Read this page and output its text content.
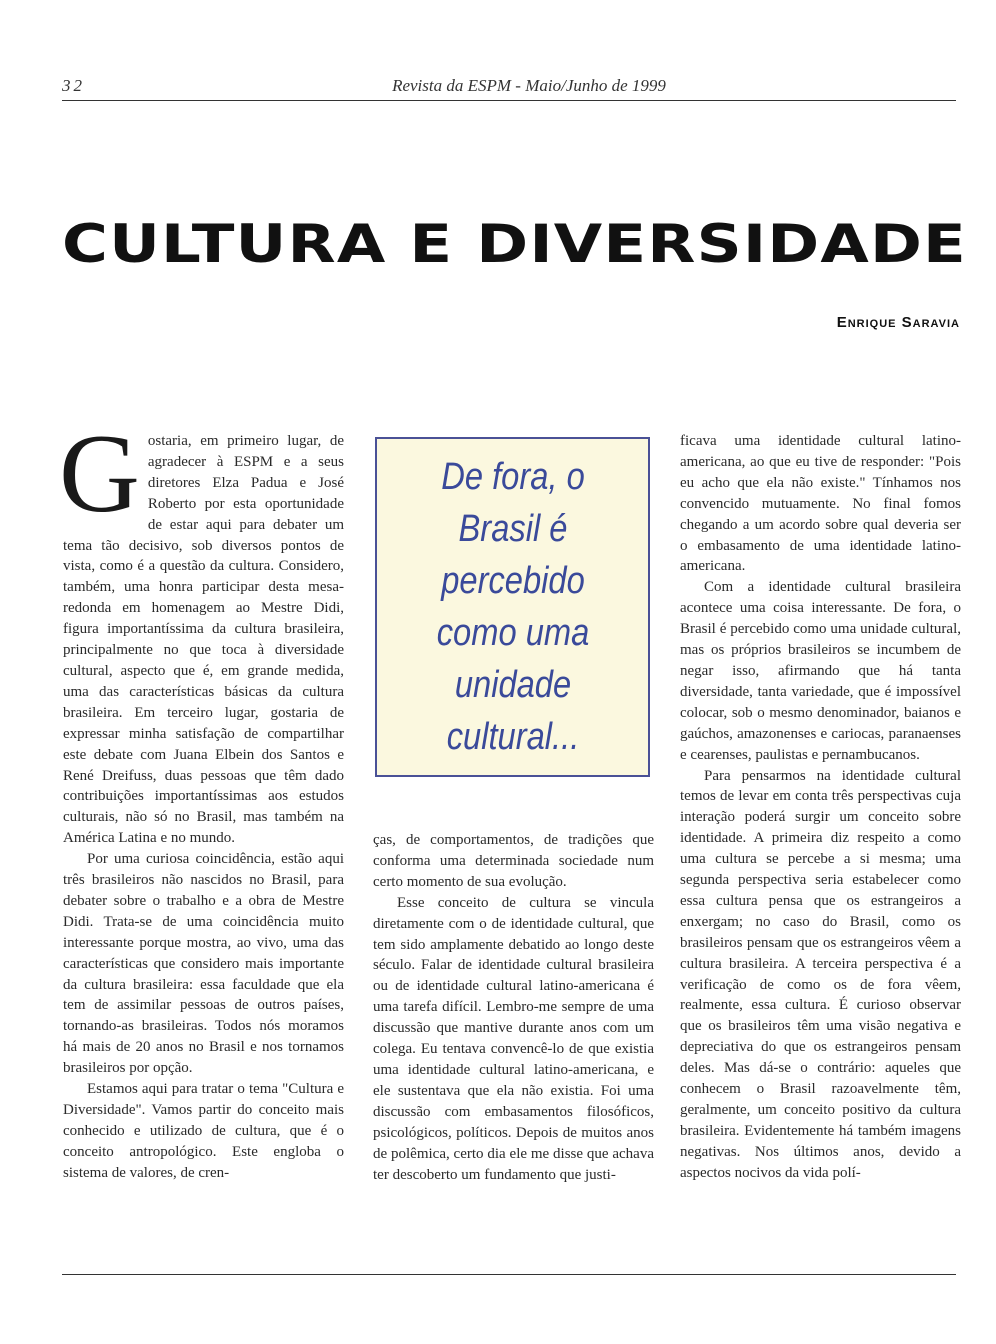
32	Revista da ESPM - Maio/Junho de 1999
CULTURA E DIVERSIDADE
Enrique Saravia

Gostaria, em primeiro lugar, de agradecer à ESPM e a seus diretores Elza Padua e José Roberto por esta oportunidade de estar aqui para debater um tema tão decisivo, sob diversos pontos de vista, como é a questão da cultura. Considero, também, uma honra participar desta mesa-redonda em homenagem ao Mestre Didi, figura importantíssima da cultura brasileira, principalmente no que toca à diversidade cultural, aspecto que é, em grande medida, uma das características básicas da cultura brasileira. Em terceiro lugar, gostaria de expressar minha satisfação de compartilhar este debate com Juana Elbein dos Santos e René Dreifuss, duas pessoas que têm dado contribuições importantíssimas aos estudos culturais, não só no Brasil, mas também na América Latina e no mundo.

Por uma curiosa coincidência, estão aqui três brasileiros não nascidos no Brasil, para debater sobre o trabalho e a obra de Mestre Didi. Trata-se de uma coincidência muito interessante porque mostra, ao vivo, uma das características que considero mais importante da cultura brasileira: essa faculdade que ela tem de assimilar pessoas de outros países, tornando-as brasileiras. Todos nós moramos há mais de 20 anos no Brasil e nos tornamos brasileiros por opção.

Estamos aqui para tratar o tema "Cultura e Diversidade". Vamos partir do conceito mais conhecido e utilizado de cultura, que é o conceito antropológico. Este engloba o sistema de valores, de cren-

De fora, o Brasil é percebido como uma unidade cultural...

ças, de comportamentos, de tradições que conforma uma determinada sociedade num certo momento de sua evolução.

Esse conceito de cultura se vincula diretamente com o de identidade cultural, que tem sido amplamente debatido ao longo deste século. Falar de identidade cultural brasileira ou de identidade cultural latino-americana é uma tarefa difícil. Lembro-me sempre de uma discussão que mantive durante anos com um colega. Eu tentava convencê-lo de que existia uma identidade cultural latino-americana, e ele sustentava que ela não existia. Foi uma discussão com embasamentos filosóficos, psicológicos, políticos. Depois de muitos anos de polêmica, certo dia ele me disse que achava ter descoberto um fundamento que justi-

ficava uma identidade cultural latino-americana, ao que eu tive de responder: "Pois eu acho que ela não existe." Tínhamos nos convencido mutuamente. No final fomos chegando a um acordo sobre qual deveria ser o embasamento de uma identidade latino-americana.

Com a identidade cultural brasileira acontece uma coisa interessante. De fora, o Brasil é percebido como uma unidade cultural, mas os próprios brasileiros se incumbem de negar isso, afirmando que há tanta diversidade, tanta variedade, que é impossível colocar, sob o mesmo denominador, baianos e gaúchos, amazonenses e cariocas, paranaenses e cearenses, paulistas e pernambucanos.

Para pensarmos na identidade cultural temos de levar em conta três perspectivas cuja interação poderá surgir um conceito sobre identidade. A primeira diz respeito a como uma cultura se percebe a si mesma; uma segunda perspectiva seria estabelecer como essa cultura pensa que os estrangeiros a enxergam; no caso do Brasil, como os brasileiros pensam que os estrangeiros vêem a cultura brasileira. A terceira perspectiva é a verificação de como os de fora vêem, realmente, essa cultura. É curioso observar que os brasileiros têm uma visão negativa e depreciativa do que os estrangeiros pensam deles. Mas dá-se o contrário: aqueles que conhecem o Brasil razoavelmente têm, geralmente, um conceito positivo da cultura brasileira. Evidentemente há também imagens negativas. Nos últimos anos, devido a aspectos nocivos da vida polí-
